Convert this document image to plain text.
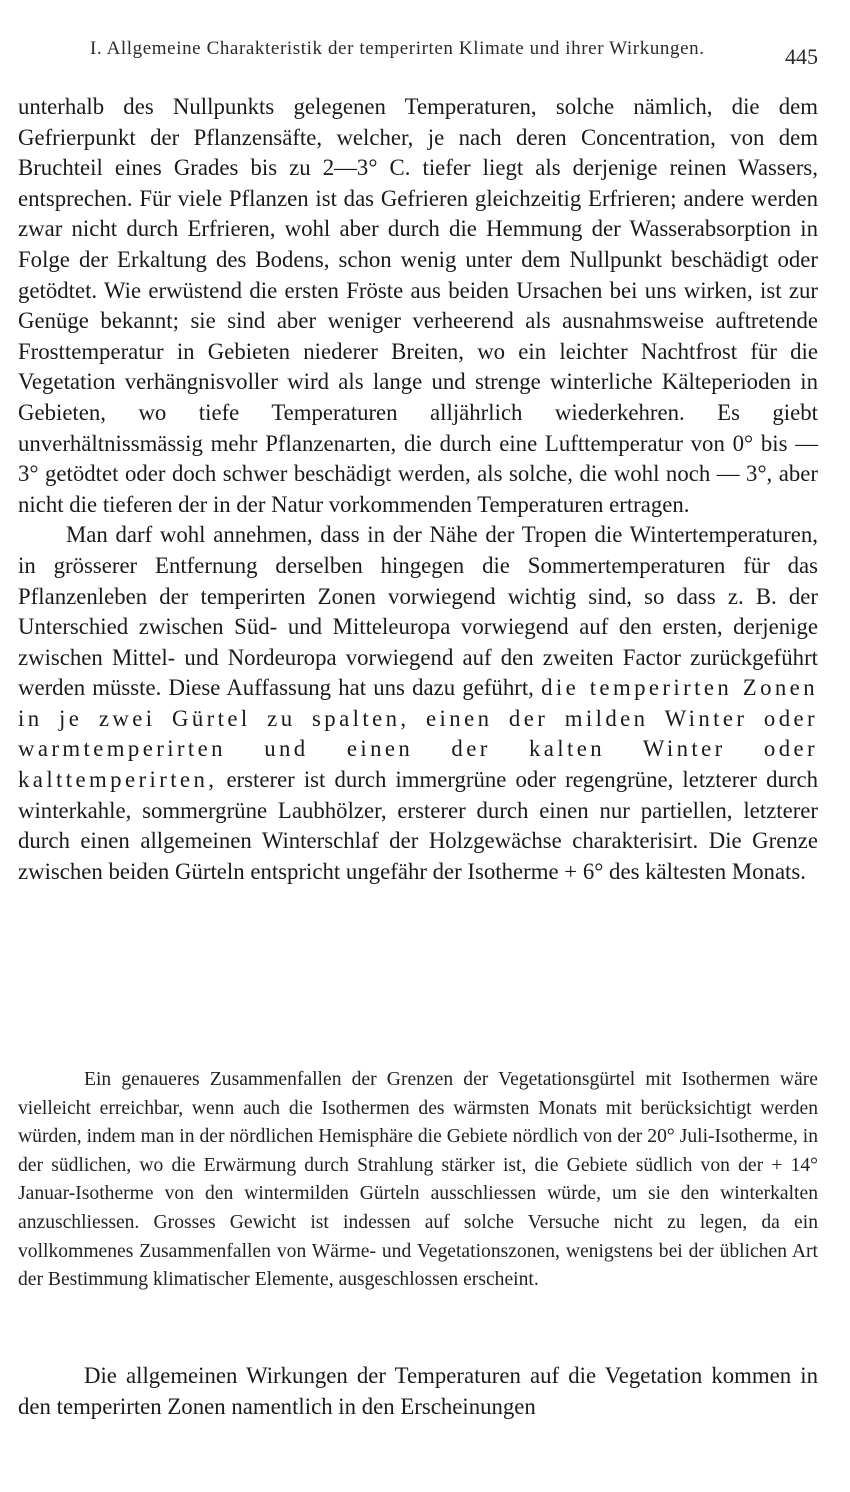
I. Allgemeine Charakteristik der temperirten Klimate und ihrer Wirkungen.	445

unterhalb des Nullpunkts gelegenen Temperaturen, solche nämlich, die dem Gefrierpunkt der Pflanzensäfte, welcher, je nach deren Concentration, von dem Bruchteil eines Grades bis zu 2—3° C. tiefer liegt als derjenige reinen Wassers, entsprechen. Für viele Pflanzen ist das Gefrieren gleichzeitig Erfrieren; andere werden zwar nicht durch Erfrieren, wohl aber durch die Hemmung der Wasserabsorption in Folge der Erkaltung des Bodens, schon wenig unter dem Nullpunkt beschädigt oder getödtet. Wie erwüstend die ersten Fröste aus beiden Ursachen bei uns wirken, ist zur Genüge bekannt; sie sind aber weniger verheerend als ausnahmsweise auftretende Frosttemperatur in Gebieten niederer Breiten, wo ein leichter Nachtfrost für die Vegetation verhängnisvoller wird als lange und strenge winterliche Kälteperioden in Gebieten, wo tiefe Temperaturen alljährlich wiederkehren. Es giebt unverhältnissmässig mehr Pflanzenarten, die durch eine Lufttemperatur von 0° bis — 3° getödtet oder doch schwer beschädigt werden, als solche, die wohl noch — 3°, aber nicht die tieferen der in der Natur vorkommenden Temperaturen ertragen.

Man darf wohl annehmen, dass in der Nähe der Tropen die Wintertemperaturen, in grösserer Entfernung derselben hingegen die Sommertemperaturen für das Pflanzenleben der temperirten Zonen vorwiegend wichtig sind, so dass z. B. der Unterschied zwischen Süd- und Mitteleuropa vorwiegend auf den ersten, derjenige zwischen Mittel- und Nordeuropa vorwiegend auf den zweiten Factor zurückgeführt werden müsste. Diese Auffassung hat uns dazu geführt, die temperirten Zonen in je zwei Gürtel zu spalten, einen der milden Winter oder warmtemperirten und einen der kalten Winter oder kalttemperirten, ersterer ist durch immergrüne oder regengrüne, letzterer durch winterkahle, sommergrüne Laubhölzer, ersterer durch einen nur partiellen, letzterer durch einen allgemeinen Winterschlaf der Holzgewächse charakterisirt. Die Grenze zwischen beiden Gürteln entspricht ungefähr der Isotherme + 6° des kältesten Monats.

Ein genaueres Zusammenfallen der Grenzen der Vegetationsgürtel mit Isothermen wäre vielleicht erreichbar, wenn auch die Isothermen des wärmsten Monats mit berücksichtigt werden würden, indem man in der nördlichen Hemisphäre die Gebiete nördlich von der 20° Juli-Isotherme, in der südlichen, wo die Erwärmung durch Strahlung stärker ist, die Gebiete südlich von der + 14° Januar-Isotherme von den wintermilden Gürteln ausschliessen würde, um sie den winterkalten anzuschliessen. Grosses Gewicht ist indessen auf solche Versuche nicht zu legen, da ein vollkommenes Zusammenfallen von Wärme- und Vegetationszonen, wenigstens bei der üblichen Art der Bestimmung klimatischer Elemente, ausgeschlossen erscheint.

Die allgemeinen Wirkungen der Temperaturen auf die Vegetation kommen in den temperirten Zonen namentlich in den Erscheinungen
